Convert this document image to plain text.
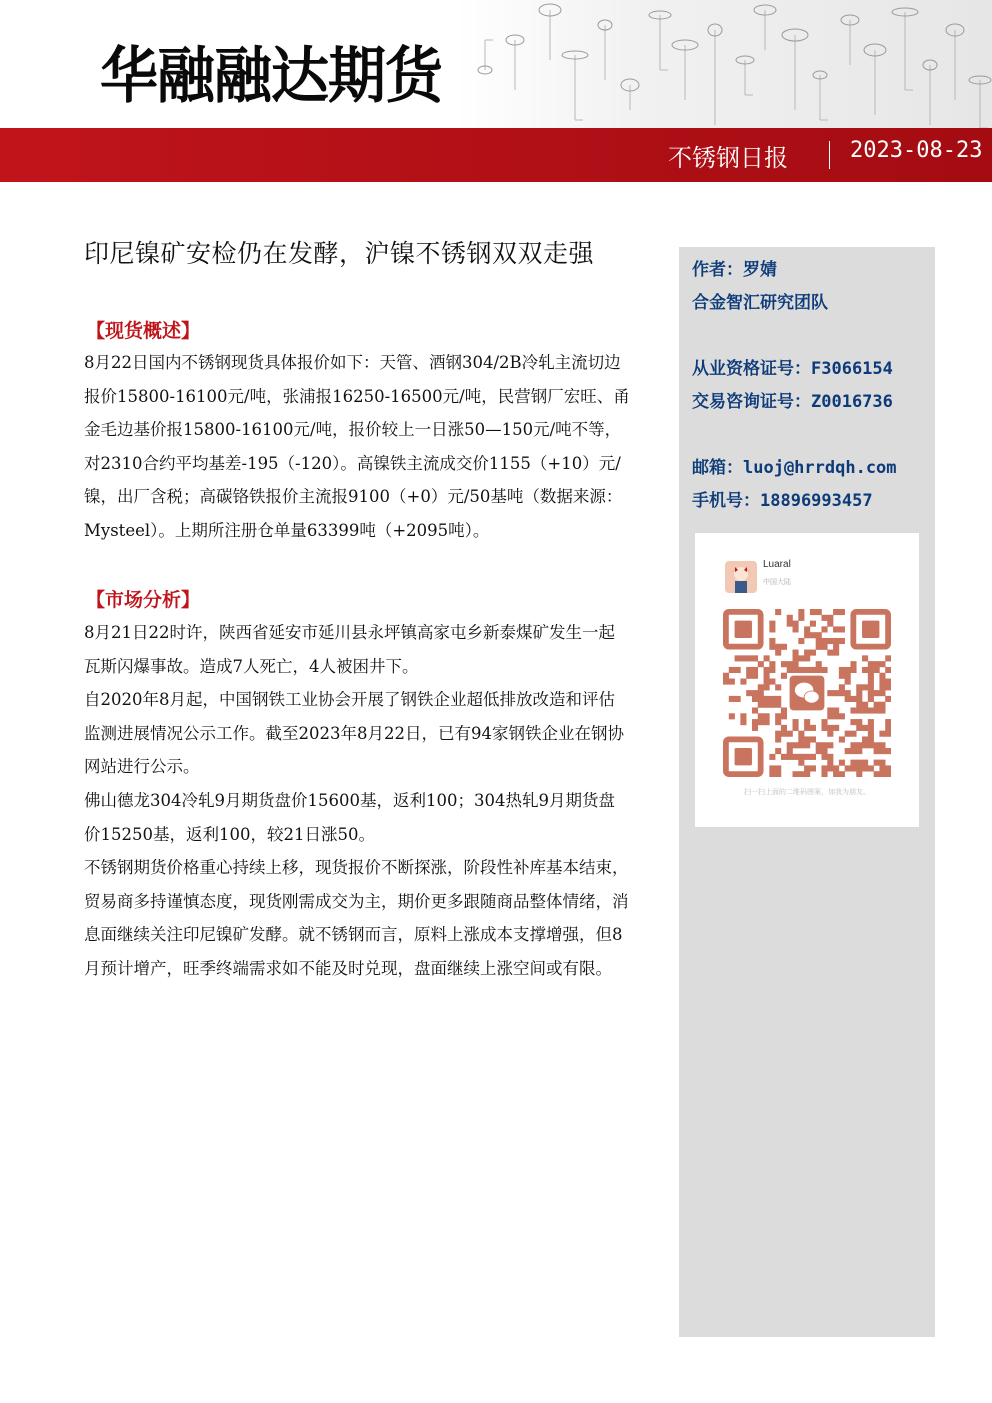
华融融达期货
不锈钢日报	2023-08-23
印尼镍矿安检仍在发酵，沪镍不锈钢双双走强
【现货概述】

8月22日国内不锈钢现货具体报价如下：天管、酒钢304/2B冷轧主流切边报价15800-16100元/吨，张浦报16250-16500元/吨，民营钢厂宏旺、甬金毛边基价报15800-16100元/吨，报价较上一日涨50—150元/吨不等，对2310合约平均基差-195（-120）。高镍铁主流成交价1155（+10）元/镍，出厂含税；高碳铬铁报价主流报9100（+0）元/50基吨（数据来源：Mysteel）。上期所注册仓单量63399吨（+2095吨）。

【市场分析】

8月21日22时许，陕西省延安市延川县永坪镇高家屯乡新泰煤矿发生一起瓦斯闪爆事故。造成7人死亡，4人被困井下。

自2020年8月起，中国钢铁工业协会开展了钢铁企业超低排放改造和评估监测进展情况公示工作。截至2023年8月22日，已有94家钢铁企业在钢协网站进行公示。

佛山德龙304冷轧9月期货盘价15600基，返利100；304热轧9月期货盘价15250基，返利100，较21日涨50。

不锈钢期货价格重心持续上移，现货报价不断探涨，阶段性补库基本结束，贸易商多持谨慎态度，现货刚需成交为主，期价更多跟随商品整体情绪，消息面继续关注印尼镍矿发酵。就不锈钢而言，原料上涨成本支撑增强，但8月预计增产，旺季终端需求如不能及时兑现，盘面继续上涨空间或有限。

作者：罗婧
合金智汇研究团队
从业资格证号：F3066154
交易咨询证号：Z0016736
邮箱：luoj@hrrdqh.com
手机号：18896993457
Luaral
中国大陆
扫一扫上面的二维码图案，加我为朋友。
